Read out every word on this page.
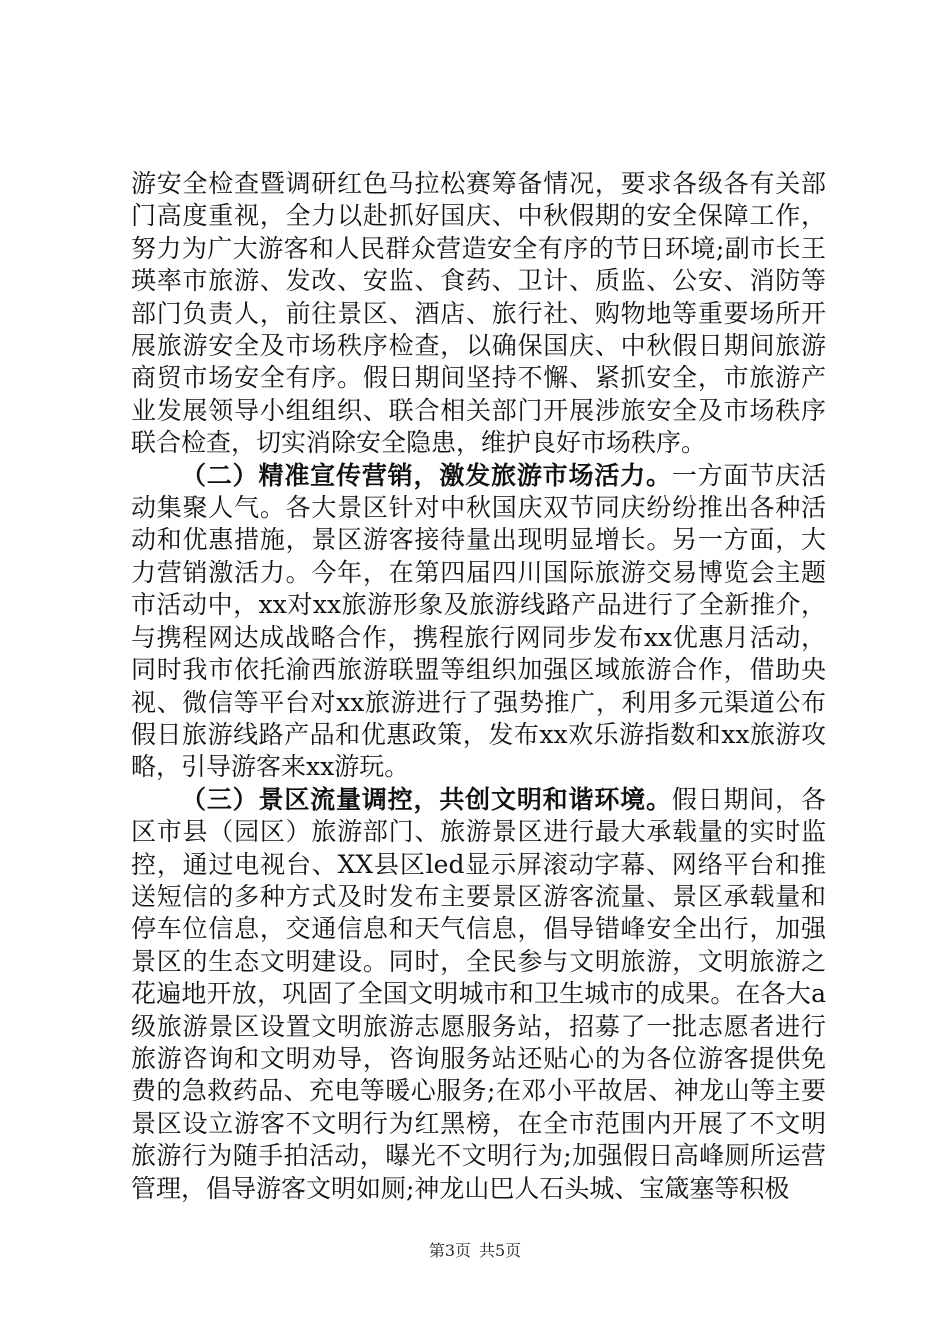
游安全检查暨调研红色马拉松赛筹备情况，要求各级各有关部门高度重视，全力以赴抓好国庆、中秋假期的安全保障工作，努力为广大游客和人民群众营造安全有序的节日环境;副市长王瑛率市旅游、发改、安监、食药、卫计、质监、公安、消防等部门负责人，前往景区、酒店、旅行社、购物地等重要场所开展旅游安全及市场秩序检查，以确保国庆、中秋假日期间旅游商贸市场安全有序。假日期间坚持不懈、紧抓安全，市旅游产业发展领导小组组织、联合相关部门开展涉旅安全及市场秩序联合检查，切实消除安全隐患，维护良好市场秩序。

（二）精准宣传营销，激发旅游市场活力。一方面节庆活动集聚人气。各大景区针对中秋国庆双节同庆纷纷推出各种活动和优惠措施，景区游客接待量出现明显增长。另一方面，大力营销激活力。今年，在第四届四川国际旅游交易博览会主题市活动中，xx对xx旅游形象及旅游线路产品进行了全新推介，与携程网达成战略合作，携程旅行网同步发布xx优惠月活动，同时我市依托渝西旅游联盟等组织加强区域旅游合作，借助央视、微信等平台对xx旅游进行了强势推广，利用多元渠道公布假日旅游线路产品和优惠政策，发布xx欢乐游指数和xx旅游攻略，引导游客来xx游玩。

（三）景区流量调控，共创文明和谐环境。假日期间，各区市县（园区）旅游部门、旅游景区进行最大承载量的实时监控，通过电视台、XX县区led显示屏滚动字幕、网络平台和推送短信的多种方式及时发布主要景区游客流量、景区承载量和停车位信息，交通信息和天气信息，倡导错峰安全出行，加强景区的生态文明建设。同时，全民参与文明旅游，文明旅游之花遍地开放，巩固了全国文明城市和卫生城市的成果。在各大a级旅游景区设置文明旅游志愿服务站，招募了一批志愿者进行旅游咨询和文明劝导，咨询服务站还贴心的为各位游客提供免费的急救药品、充电等暖心服务;在邓小平故居、神龙山等主要景区设立游客不文明行为红黑榜，在全市范围内开展了不文明旅游行为随手拍活动，曝光不文明行为;加强假日高峰厕所运营管理，倡导游客文明如厕;神龙山巴人石头城、宝箴塞等积极

第3页 共5页
